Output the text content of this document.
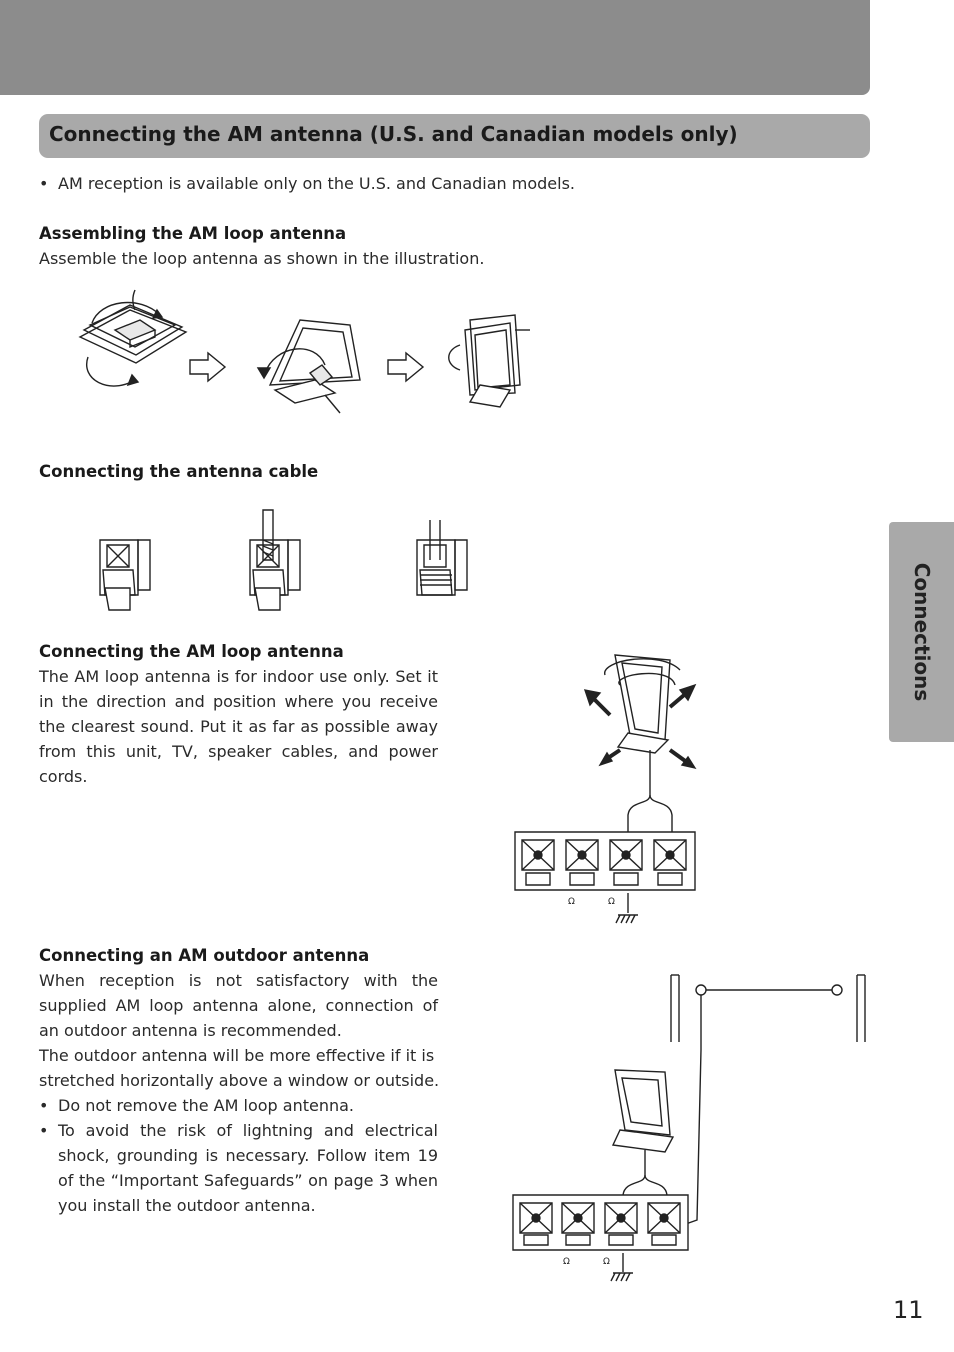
Connecting the AM antenna (U.S. and Canadian models only)
• AM reception is available only on the U.S. and Canadian models.
Assembling the AM loop antenna
Assemble the loop antenna as shown in the illustration.
Connecting the antenna cable
Connecting the AM loop antenna
The AM loop antenna is for indoor use only. Set it in the direction and position where you receive the clearest sound. Put it as far as possible away from this unit, TV, speaker cables, and power cords.
Ω	Ω
Connecting an AM outdoor antenna
When reception is not satisfactory with the supplied AM loop antenna alone, connection of an outdoor antenna is recommended.
The outdoor antenna will be more effective if it is stretched horizontally above a window or outside.
• Do not remove the AM loop antenna.
• To avoid the risk of lightning and electrical shock, grounding is necessary. Follow item 19 of the “Important Safeguards” on page 3 when you install the outdoor antenna.
Ω	Ω
Connections
11
